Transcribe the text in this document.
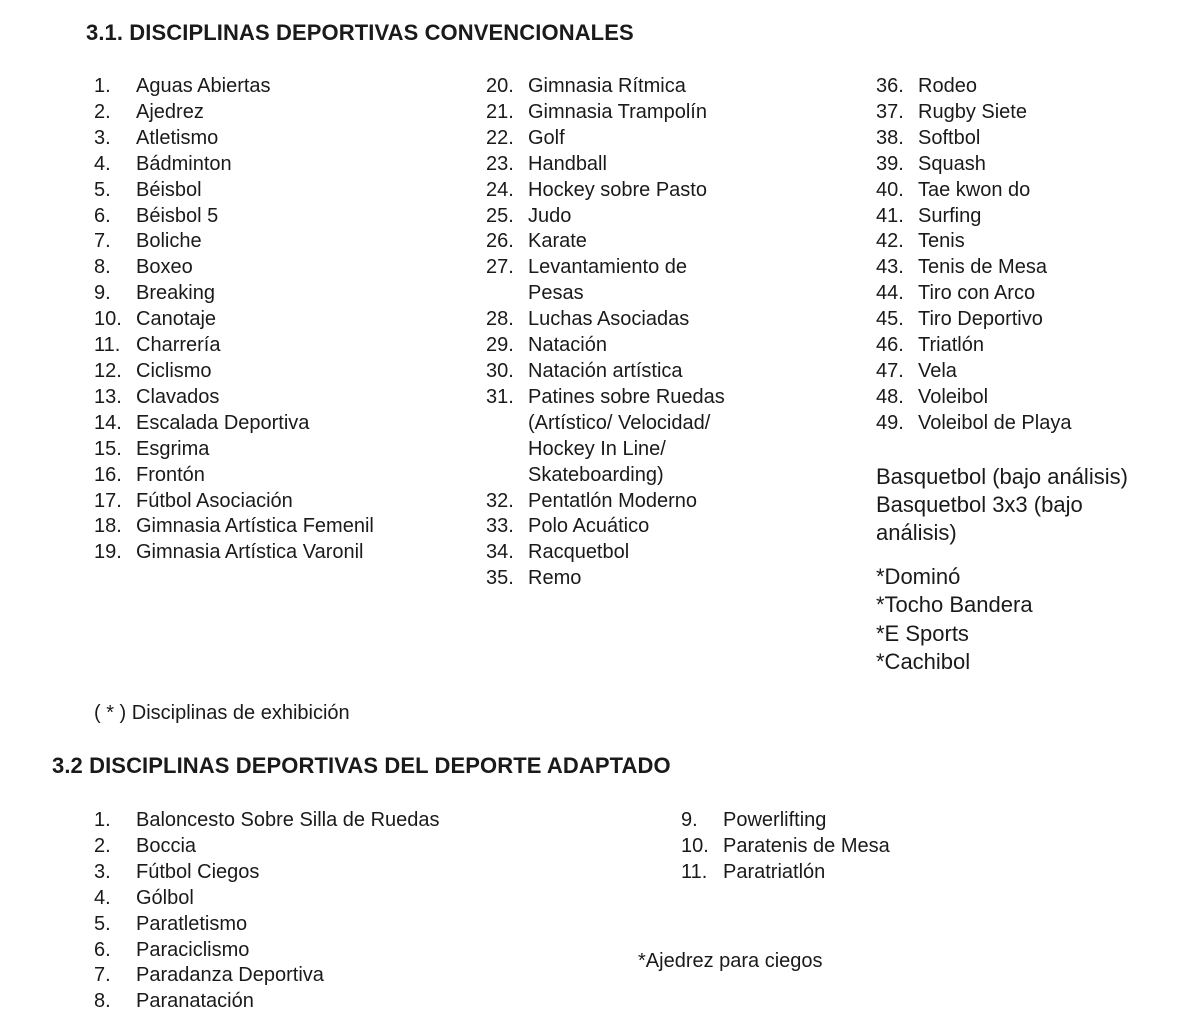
3.1. DISCIPLINAS DEPORTIVAS CONVENCIONALES
1. Aguas Abiertas
2. Ajedrez
3. Atletismo
4. Bádminton
5. Béisbol
6. Béisbol 5
7. Boliche
8. Boxeo
9. Breaking
10. Canotaje
11. Charrería
12. Ciclismo
13. Clavados
14. Escalada Deportiva
15. Esgrima
16. Frontón
17. Fútbol Asociación
18. Gimnasia Artística Femenil
19. Gimnasia Artística Varonil
20. Gimnasia Rítmica
21. Gimnasia Trampolín
22. Golf
23. Handball
24. Hockey sobre Pasto
25. Judo
26. Karate
27. Levantamiento de Pesas
28. Luchas Asociadas
29. Natación
30. Natación artística
31. Patines sobre Ruedas (Artístico/ Velocidad/ Hockey In Line/ Skateboarding)
32. Pentatlón Moderno
33. Polo Acuático
34. Racquetbol
35. Remo
36. Rodeo
37. Rugby Siete
38. Softbol
39. Squash
40. Tae kwon do
41. Surfing
42. Tenis
43. Tenis de Mesa
44. Tiro con Arco
45. Tiro Deportivo
46. Triatlón
47. Vela
48. Voleibol
49. Voleibol de Playa
Basquetbol (bajo análisis)
Basquetbol 3x3 (bajo análisis)
*Dominó
*Tocho Bandera
*E Sports
*Cachibol
( * ) Disciplinas de exhibición
3.2 DISCIPLINAS DEPORTIVAS DEL DEPORTE ADAPTADO
1. Baloncesto Sobre Silla de Ruedas
2. Boccia
3. Fútbol Ciegos
4. Gólbol
5. Paratletismo
6. Paraciclismo
7. Paradanza Deportiva
8. Paranatación
9. Powerlifting
10. Paratenis de Mesa
11. Paratriatlón
*Ajedrez para ciegos
